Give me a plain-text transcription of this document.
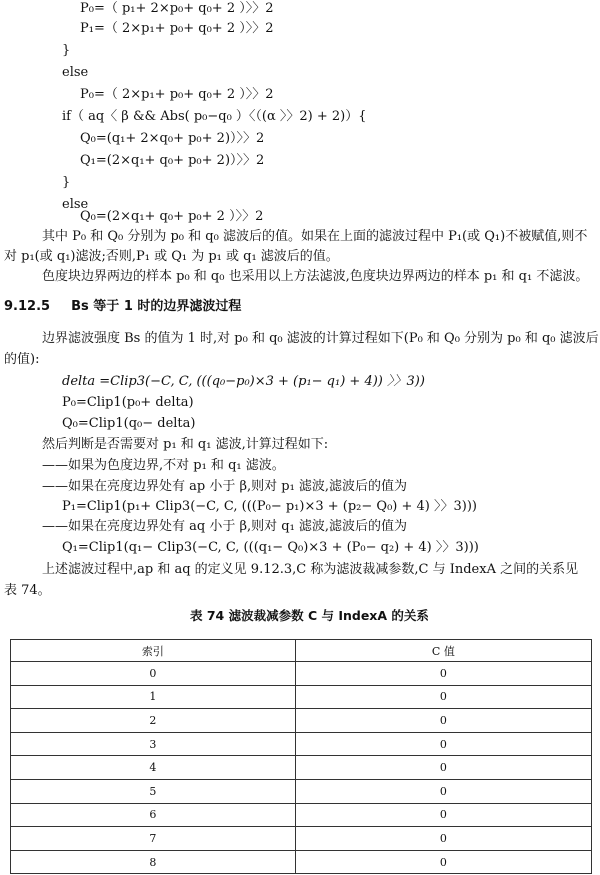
P₀=（ p₁+ 2×p₀+ q₀+ 2 ）〉〉2
P₁=（ 2×p₁+ p₀+ q₀+ 2 ）〉〉2
}
else
P₀=（ 2×p₁+ p₀+ q₀+ 2 ）〉〉2
if（ aq〈 β && Abs( p₀−q₀ ）〈（(α 〉〉2) + 2)）{
Q₀=(q₁+ 2×q₀+ p₀+ 2)）〉〉2
Q₁=(2×q₁+ q₀+ p₀+ 2)）〉〉2
}
else
Q₀=(2×q₁+ q₀+ p₀+ 2 ）〉〉2
其中 P₀ 和 Q₀ 分别为 p₀ 和 q₀ 滤波后的值。如果在上面的滤波过程中 P₁(或 Q₁)不被赋值,则不
对 p₁(或 q₁)滤波;否则,P₁ 或 Q₁ 为 p₁ 或 q₁ 滤波后的值。
色度块边界两边的样本 p₀ 和 q₀ 也采用以上方法滤波,色度块边界两边的样本 p₁ 和 q₁ 不滤波。
9.12.5 Bs 等于 1 时的边界滤波过程
边界滤波强度 Bs 的值为 1 时,对 p₀ 和 q₀ 滤波的计算过程如下(P₀ 和 Q₀ 分别为 p₀ 和 q₀ 滤波后
的值):
delta =Clip3(−C, C, (((q₀−p₀)×3 + (p₁− q₁) + 4)) 〉〉3))
P₀=Clip1(p₀+ delta)
Q₀=Clip1(q₀− delta)
然后判断是否需要对 p₁ 和 q₁ 滤波,计算过程如下:
——如果为色度边界,不对 p₁ 和 q₁ 滤波。
——如果在亮度边界处有 ap 小于 β,则对 p₁ 滤波,滤波后的值为
P₁=Clip1(p₁+ Clip3(−C, C, (((P₀− p₁)×3 + (p₂− Q₀) + 4) 〉〉3)))
——如果在亮度边界处有 aq 小于 β,则对 q₁ 滤波,滤波后的值为
Q₁=Clip1(q₁− Clip3(−C, C, (((q₁− Q₀)×3 + (P₀− q₂) + 4) 〉〉3)))
上述滤波过程中,ap 和 aq 的定义见 9.12.3,C 称为滤波裁减参数,C 与 IndexA 之间的关系见
表 74。
表 74 滤波裁减参数 C 与 IndexA 的关系
索引	C 值
0	0
1	0
2	0
3	0
4	0
5	0
6	0
7	0
8	0
